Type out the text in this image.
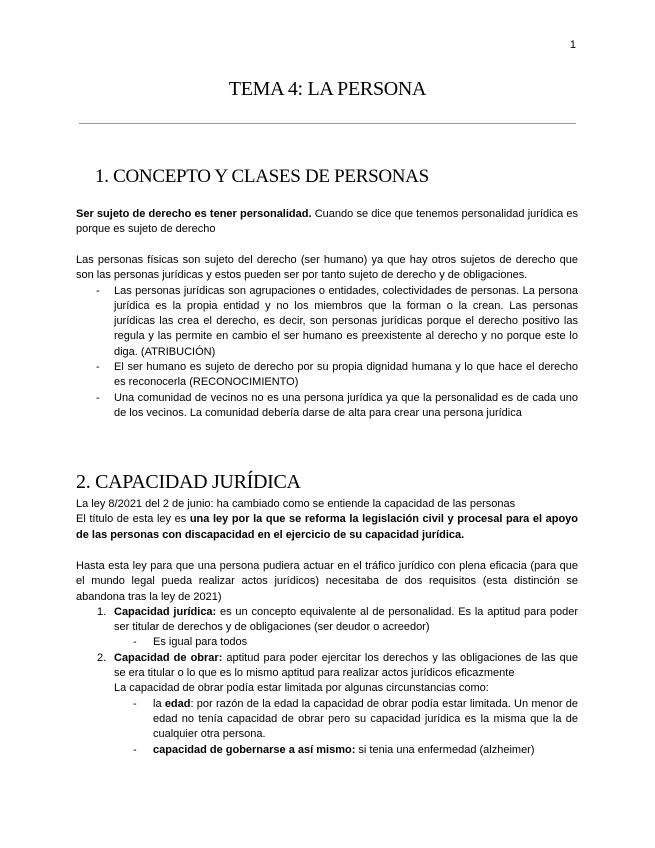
1
TEMA 4: LA PERSONA
1. CONCEPTO Y CLASES DE PERSONAS

Ser sujeto de derecho es tener personalidad. Cuando se dice que tenemos personalidad jurídica es porque es sujeto de derecho

Las personas físicas son sujeto del derecho (ser humano) ya que hay otros sujetos de derecho que son las personas jurídicas y estos pueden ser por tanto sujeto de derecho y de obligaciones.

- Las personas jurídicas son agrupaciones o entidades, colectividades de personas. La persona jurídica es la propia entidad y no los miembros que la forman o la crean. Las personas jurídicas las crea el derecho, es decir, son personas jurídicas porque el derecho positivo las regula y las permite en cambio el ser humano es preexistente al derecho y no porque este lo diga. (ATRIBUCIÓN)
- El ser humano es sujeto de derecho por su propia dignidad humana y lo que hace el derecho es reconocerla (RECONOCIMIENTO)
- Una comunidad de vecinos no es una persona jurídica ya que la personalidad es de cada uno de los vecinos. La comunidad debería darse de alta para crear una persona jurídica
2. CAPACIDAD JURÍDICA

La ley 8/2021 del 2 de junio: ha cambiado como se entiende la capacidad de las personas

El título de esta ley es una ley por la que se reforma la legislación civil y procesal para el apoyo de las personas con discapacidad en el ejercicio de su capacidad jurídica.

Hasta esta ley para que una persona pudiera actuar en el tráfico jurídico con plena eficacia (para que el mundo legal pueda realizar actos jurídicos) necesitaba de dos requisitos (esta distinción se abandona tras la ley de 2021)

1. Capacidad jurídica: es un concepto equivalente al de personalidad. Es la aptitud para poder ser titular de derechos y de obligaciones (ser deudor o acreedor)
- Es igual para todos
2. Capacidad de obrar: aptitud para poder ejercitar los derechos y las obligaciones de las que se era titular o lo que es lo mismo aptitud para realizar actos jurídicos eficazmente
La capacidad de obrar podía estar limitada por algunas circunstancias como:
- la edad: por razón de la edad la capacidad de obrar podía estar limitada. Un menor de edad no tenía capacidad de obrar pero su capacidad jurídica es la misma que la de cualquier otra persona.
- capacidad de gobernarse a así mismo: si tenia una enfermedad (alzheimer)
